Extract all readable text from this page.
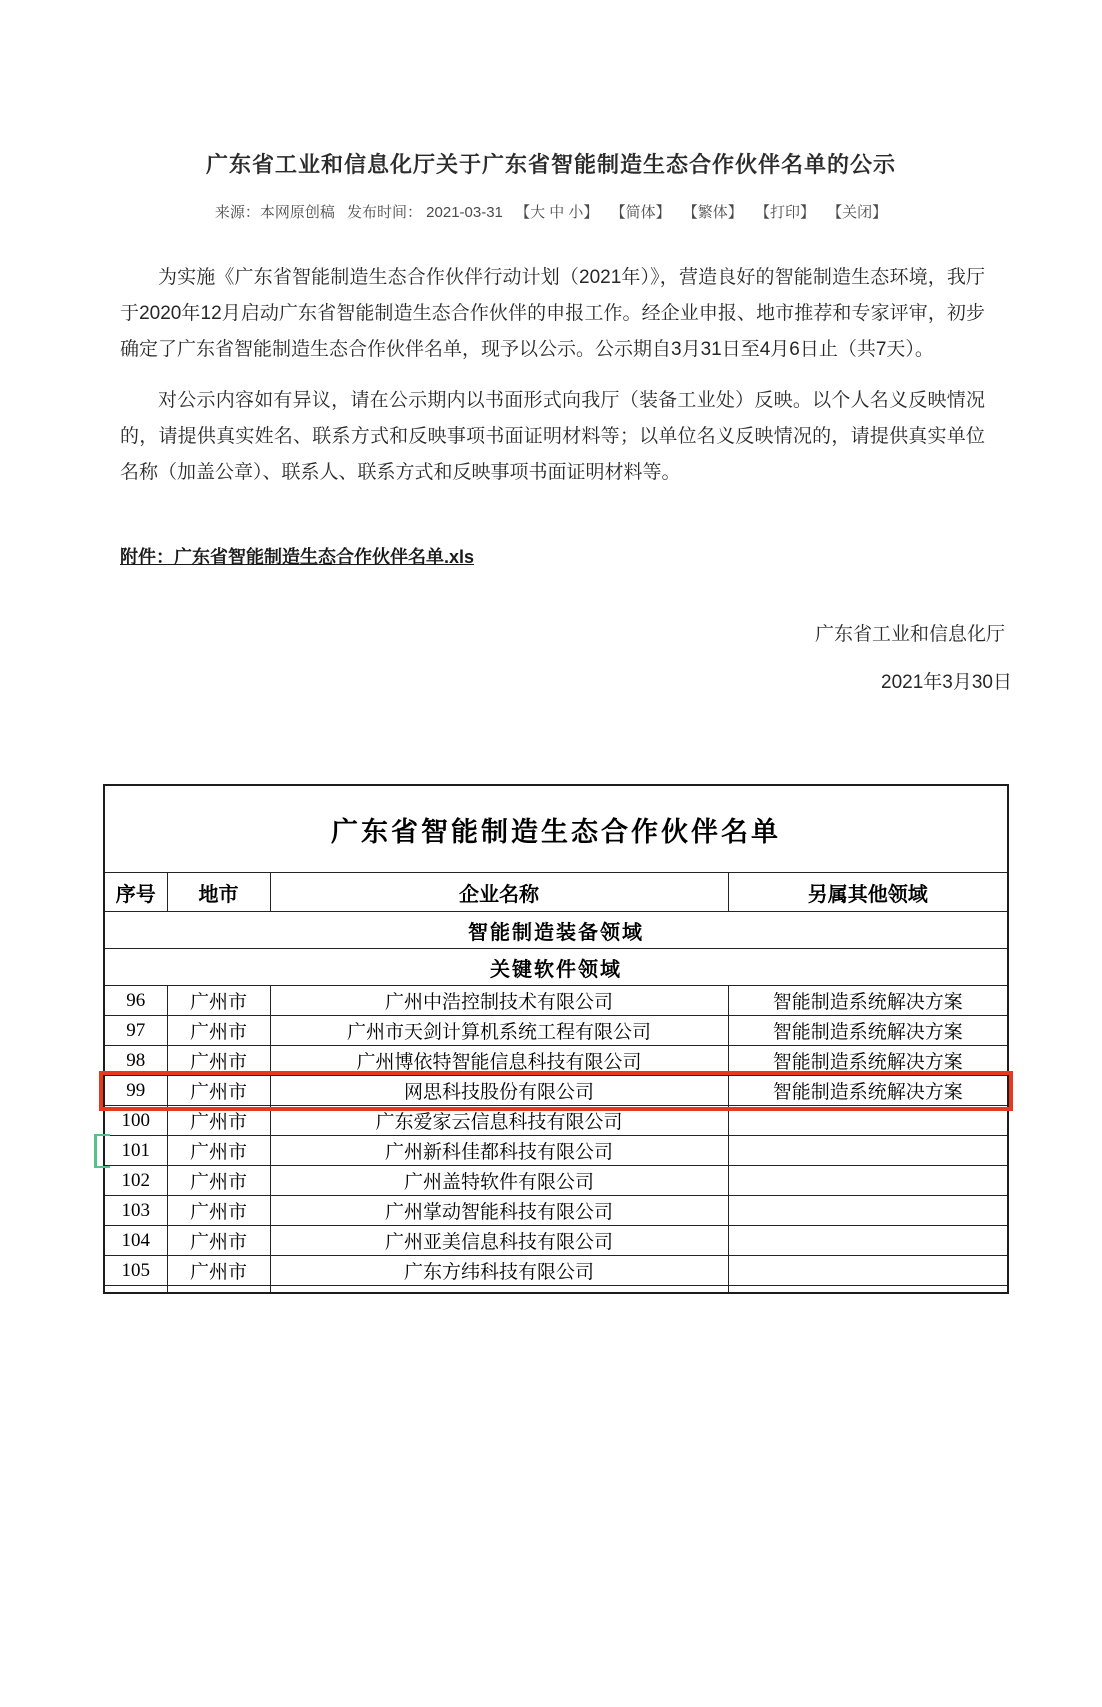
广东省工业和信息化厅关于广东省智能制造生态合作伙伴名单的公示
来源：本网原创稿 发布时间： 2021-03-31 【大 中 小】 【简体】 【繁体】 【打印】 【关闭】

为实施《广东省智能制造生态合作伙伴行动计划（2021年）》，营造良好的智能制造生态环境，我厅于2020年12月启动广东省智能制造生态合作伙伴的申报工作。经企业申报、地市推荐和专家评审，初步确定了广东省智能制造生态合作伙伴名单，现予以公示。公示期自3月31日至4月6日止（共7天）。

对公示内容如有异议，请在公示期内以书面形式向我厅（装备工业处）反映。以个人名义反映情况的，请提供真实姓名、联系方式和反映事项书面证明材料等；以单位名义反映情况的，请提供真实单位名称（加盖公章）、联系人、联系方式和反映事项书面证明材料等。

附件：广东省智能制造生态合作伙伴名单.xls
广东省工业和信息化厅
2021年3月30日
广东省智能制造生态合作伙伴名单			
序号	地市	企业名称	另属其他领域
智能制造装备领域			
关键软件领域			
96	广州市	广州中浩控制技术有限公司	智能制造系统解决方案
97	广州市	广州市天剑计算机系统工程有限公司	智能制造系统解决方案
98	广州市	广州博依特智能信息科技有限公司	智能制造系统解决方案
99	广州市	网思科技股份有限公司	智能制造系统解决方案
100	广州市	广东爱家云信息科技有限公司	
101	广州市	广州新科佳都科技有限公司	
102	广州市	广州盖特软件有限公司	
103	广州市	广州掌动智能科技有限公司	
104	广州市	广州亚美信息科技有限公司	
105	广州市	广东方纬科技有限公司	
